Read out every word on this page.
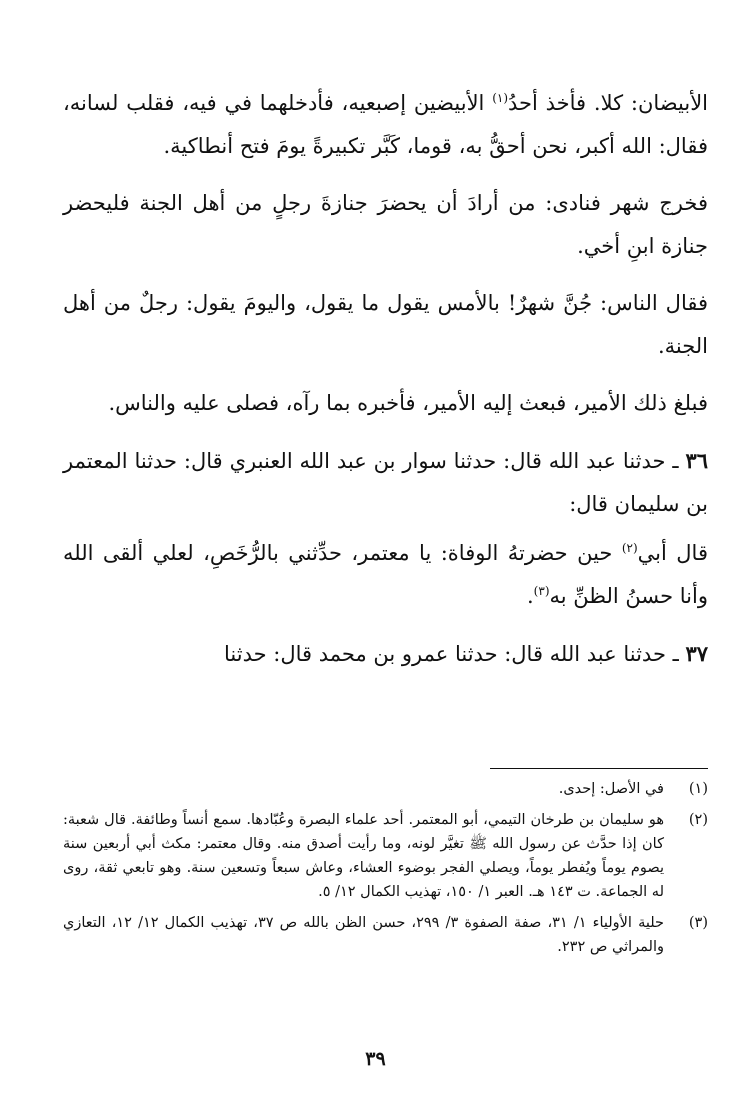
الأبيضان: كلا. فأخذ أحدُ$^{(١)}$ الأبيضين إصبعيه، فأدخلهما في فيه، فقلب لسانه، فقال: الله أكبر، نحن أحقُّ به، قوما، كَبَّر تكبيرةً يومَ فتح أنطاكية.

فخرج شهر فنادى: من أرادَ أن يحضرَ جنازةَ رجلٍ من أهل الجنة فليحضر جنازة ابنِ أخي.

فقال الناس: جُنَّ شهرٌ! بالأمس يقول ما يقول، واليومَ يقول: رجلٌ من أهل الجنة.

فبلغ ذلك الأمير، فبعث إليه الأمير، فأخبره بما رآه، فصلى عليه والناس.

٣٦ ـ حدثنا عبد الله قال: حدثنا سوار بن عبد الله العنبري قال: حدثنا المعتمر بن سليمان قال:

قال أبي$^{(٢)}$ حين حضرتهُ الوفاة: يا معتمر، حدِّثني بالرُّخَصِ، لعلي ألقى الله وأنا حسنُ الظنِّ به$^{(٣)}$.

٣٧ ـ حدثنا عبد الله قال: حدثنا عمرو بن محمد قال: حدثنا

(١)
في الأصل: إحدى.
(٢)
هو سليمان بن طرخان التيمي، أبو المعتمر. أحد علماء البصرة وعُبّادها. سمع أنساً وطائفة. قال شعبة: كان إذا حدَّث عن رسول الله ﷺ تغيَّر لونه، وما رأيت أصدق منه. وقال معتمر: مكث أبي أربعين سنة يصوم يوماً ويُفطر يوماً، ويصلي الفجر بوضوء العشاء، وعاش سبعاً وتسعين سنة. وهو تابعي ثقة، روى له الجماعة. ت ١٤٣ هـ. العبر ١/ ١٥٠، تهذيب الكمال ١٢/ ٥.
(٣)
حلية الأولياء ١/ ٣١، صفة الصفوة ٣/ ٢٩٩، حسن الظن بالله ص ٣٧، تهذيب الكمال ١٢/ ١٢، التعازي والمراثي ص ٢٣٢.
٣٩
